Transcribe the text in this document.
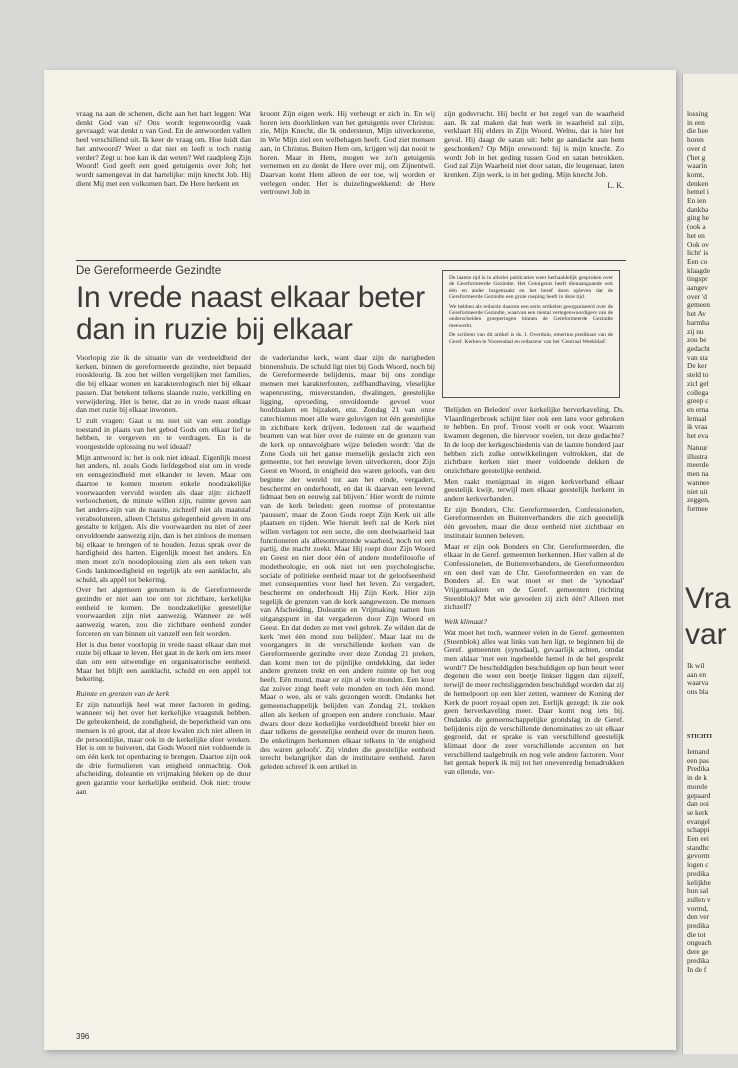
vraag na aan de schenen, dicht aan het hart leggen: Wat denkt God van u? Ons wordt tegenwoordig vaak gevraagd: wat denkt u van God. En de antwoorden vallen heel verschillend uit. Ik keer de vraag om. Hoe luidt dan het antwoord? Weet u dat niet en leeft u toch rustig verder? Zegt u: hoe kan ik dat weten? Wel raadpleeg Zijn Woord! God geeft een goed getuigenis over Job; het wordt samengevat in dat hartelijke: mijn knecht Job. Hij dient Mij met een volkomen hart. De Here herkent en
kroont Zijn eigen werk. Hij verheugt er zich in. En wij horen iets doorklinken van het getuigenis over Christus: zie, Mijn Knecht, die Ik ondersteun, Mijn uitverkorene, in Wie Mijn ziel een welbehagen heeft. God ziet mensen aan, in Christus. Buiten Hem om, krijgen wij dat nooit te horen. Maar in Hem, mogen we zo'n getuigenis vernemen en zo denkt de Here over mij, om Zijnentwil. Daarvan komt Hem alleen de eer toe, wij worden er verlegen onder. Het is duizelingwekkend: de Here vertrouwt Job in

zijn godsvrucht. Hij hecht er het zegel van de waarheid aan. Ik zal maken dat hun werk in waarheid zal zijn, verklaart Hij elders in Zijn Woord. Welnu, dat is hier het geval. Hij daagt de satan uit: hebt ge aandacht aan hem geschonken? Op Mijn erewoord: hij is mijn knecht. Zo wordt Job in het geding tussen God en satan betrokken. God zal Zijn Waarheid niet door satan, die leugenaar, laten krenken. Zijn werk, is in het geding. Mijn knecht Job.

L. K.

De Gereformeerde Gezindte
In vrede naast elkaar beter dan in ruzie bij elkaar

De laatste tijd is in allerlei publicaties weer herhaaldelijk gesproken over de Gereformeerde Gezindte. Het Getuigenis heeft dienaangaande ook één en ander losgemaakt en het besef doen opleven dat de Gereformeerde Gezindte een grote roeping heeft in deze tijd.

We hebben als redactie daarom een serie artikelen georganiseerd over de Gereformeerde Gezindte, waarvan een tiental vertegenwoordigers van de onderscheiden groeperingen binnen de Gereformeerde Gezindte meewerkt.

De scribent van dit artikel is ds. J. Overduin, emeritus predikant van de Geref. Kerken te Voorendaal en redacteur van het 'Centraal Weekblad'.

Voorlopig zie ik de situatie van de verdeeldheid der kerken, binnen de gereformeerde gezindte, niet bepaald rooskleurig. Ik zou het willen vergelijken met families, die bij elkaar wonen en karakterologisch niet bij elkaar passen. Dat betekent telkens slaande ruzie, verkilling en verwijdering. Het is beter, dat ze in vrede naast elkaar dan met ruzie bij elkaar inwonen.

U zult vragen: Gaat u nu niet uit van een zondige toestand in plaats van het gebod Gods om elkaar lief te hebben, te vergeven en te verdragen. En is de voorgestelde oplossing nu wel ideaal?

Mijn antwoord is: het is ook niet ideaal. Eigenlijk moest het anders, nl. zoals Gods liefdegebod eist om in vrede en eensgezindheid met elkander te leven. Maar om daartoe te komen moeten enkele noodzakelijke voorwaarden vervuld worden als daar zijn: zichzelf verloochenen, de minste willen zijn, ruimte geven aan het anders-zijn van de naaste, zichzelf niet als maatstaf verabsoluteren, alleen Christus gelegenheid geven in ons gestalte te krijgen. Als die voorwaarden nu niet of zeer onvoldoende aanwezig zijn, dan is het zinloos de mensen bij elkaar te brengen of te houden. Jezus sprak over de hardigheid des harten. Eigenlijk moest het anders. En men moet zo'n noodoplossing zien als een teken van Gods lankmoedigheid en tegelijk als een aanklacht, als schuld, als appèl tot bekering.

Over het algemeen genomen is de Gereformeerde gezindte er niet aan toe om tot zichtbare, kerkelijke eenheid te komen. De noodzakelijke geestelijke voorwaarden zijn niet aanwezig. Wanneer ze wèl aanwezig waren, zou die zichtbare eenheid zonder forceren en van binnen uit vanzelf een feit worden.

Het is dus beter voorlopig in vrede naast elkaar dan met ruzie bij elkaar te leven. Het gaat in de kerk om iets meer dan om een uitwendige en organisatorische eenheid. Maar het blijft een aanklacht, schuld en een appèl tot bekering.

Ruimte en grenzen van de kerk

Er zijn natuurlijk heel wat meer factoren in geding, wanneer wij het over het kerkelijke vraagstuk hebben. De gebrokenheid, de zondigheid, de beperktheid van ons mensen is zó groot, dat al deze kwalen zich niet alleen in de persoonlijke, maar ook in de kerkelijke sfeer wreken. Het is om te huiveren, dat Gods Woord niet voldoende is om één kerk tot openbaring te brengen. Daartoe zijn ook de drie formulieren van enigheid onmachtig. Ook afscheiding, doleantie en vrijmaking bleken op de duur geen garantie voor kerkelijke eenheid. Ook niet: trouw aan

de vaderlandse kerk, want daar zijn de narigheden binnenshuis. De schuld ligt niet bij Gods Woord, noch bij de Gereformeerde belijdenis, maar bij ons zondige mensen met karakterfouten, zelfhandhaving, vleselijke wapenrusting, misverstanden, dwalingen, geestelijke ligging, opvoeding, onvoldoende gevoel voor hoofdzaken en bijzaken, enz. Zondag 21 van onze catechismus moet alle ware gelovigen tot één geestelijke in zichtbare kerk drijven. Iedereen zal de waarheid beamen van wat hier over de ruimte en de grenzen van de kerk op onnavolgbare wijze beleden wordt: 'dat de Zone Gods uit het ganse menselijk geslacht zich een gemeente, tot het eeuwige leven uitverkoren, door Zijn Geest en Woord, in enigheid des waren geloofs, van den beginne der wereld tot aan het einde, vergadert, beschermt en onderhoudt, en dat ik daarvan een levend lidmaat ben en eeuwig zal blijven.' Hier wordt de ruimte van de kerk beleden: geen roomse of protestantse 'paussen', maar de Zoon Gods roept Zijn Kerk uit alle plaatsen en tijden. Wie hieruit leeft zal de Kerk niet willen verlagen tot een secte, die een deelwaarheid laat functioneren als allesomvattende waarheid, noch tot een partij, die macht zoekt. Maar Hij roept door Zijn Woord en Geest en niet door één of andere modefilosofie of modetheologie, en ook niet tot een psychologische, sociale of politieke eenheid maar tot de geloofseenheid met consequenties voor heel het leven. Zo vergadert, beschermt en onderhoudt Hij Zijn Kerk. Hier zijn tegelijk de grenzen van de kerk aangewezen. De mensen van Afscheiding, Doleantie en Vrijmaking namen hun uitgangspunt in dat vergaderen door Zijn Woord en Geest. En dat deden ze met veel gebrek. Ze wilden dat de kerk 'met één mond zou belijden'. Maar laat nu de voorgangers in de verschillende kerken van de Gereformeerde gezindte over deze Zondag 21 preken, dan komt men tot de pijnlijke ontdekking, dat ieder andere grenzen trekt en een andere ruimte op het oog heeft. Eén mond, maar er zijn al vele monden. Een koor dat zuiver zingt heeft vele monden en toch één mond. Maar o wee, als er vals gezongen wordt. Ondanks het gemeenschappelijk belijden van Zondag 21, trekken allen als kerken of groepen een andere conclusie. Maar dwars door deze kerkelijke verdeeldheid breekt hier en daar telkens de geestelijke eenheid over de muren heen. De enkelingen herkennen elkaar telkens in 'de enigheid des waren geloofs'. Zij vinden die geestelijke eenheid terecht belangrijker dan de institutaire eenheid. Jaren geleden schreef ik een artikel in

'Belijden en Beleden' over kerkelijke herverkaveling. Ds. Vlaardingerbroek schijnt hier ook een lans voor gebroken te hebben. En prof. Troost voelt er ook voor. Waarom kwamen degenen, die hiervoor voelen, tot deze gedachte? In de loop der kerkgeschiedenis van de laatste honderd jaar hebben zich zulke ontwikkelingen voltrokken, dat de zichtbare kerken niet meer voldoende dekken de onzichtbare geestelijke eenheid.

Men raakt menigmaal in eigen kerkverband elkaar geestelijk kwijt, terwijl men elkaar geestelijk herkent in andere kerkverbanden.

Er zijn Bonders, Chr. Gereformeerden, Confessionelen, Gereformeerden en Buitenverbanders die zich geestelijk één gevoelen, maar die deze eenheid niet zichtbaar en institutair kunnen beleven.

Maar er zijn ook Bonders en Chr. Gereformeerden, die elkaar in de Geref. gemeenten herkennen. Hier vallen al de Confessionelen, de Buitenverbanders, de Gereformeerden en een deel van de Chr. Gereformeerden en van de Bonders af. En wat moet er met de 'synodaal' Vrijgemaakten en de Geref. gemeenten (richting Steenblok)? Met wie gevoelen zij zich één? Alleen met zichzelf?

Welk klimaat?

Wat moet het toch, wanneer velen in de Geref. gemeenten (Steenblok) alles wat links van hen ligt, te beginnen bij de Geref. gemeenten (synodaal), gevaarlijk achten, omdat men aldaar 'met een ingebeelde hemel in de hel gesprekt wordt'? De beschuldigden beschuldigen op hun beurt weer degenen die weer een beetje linkser liggen dan zijzelf, terwijl de meer rechtsliggenden beschuldigd worden dat zij de hemelpoort op een kier zetten, wanneer de Koning der Kerk de poort royaal open zet. Eerlijk gezegd: ik zie ook geen herverkaveling meer. Daar komt nog iets bij. Ondanks de gemeenschappelijke grondslag in de Geref. belijdenis zijn de verschillende denominaties zo uit elkaar gegroeid, dat er sprake is van verschillend geestelijk klimaat door de zeer verschillende accenten en het verschillend taalgebruik en nog vele andere factoren. Voor het gemak beperk ik mij tot het onevenredig benadrukken van ellende, ver-

396
lossing
in een
die hee
horen
over d
('het g
waarin
komt,
denken
hemel i
En ien
dankba
ging he
(ook a
het en
Ook ov
licht' is
Een co
klaagde
tingspr
aangev
over 'd
gemeen
het Av
barmha
zij nu
zou be
gedacht
van sta
De ker
steld to
zicl gel
collega
greep c
en erna
lemaal
ik vraa
het eva
Natuur
illustra
meerde
men na
wannee
niet uit
zeggen,
formee
Vra
var
Ik wil
aan en
waarva
ons bla
STICHTI
Iemand
een pas
Predika
in de k
morele
gepaard
dan ooi
se kerk
evangel
schappi
Een eei
standhc
gevorm
logen c
predika
kelijkhe
hun sal
zullen v
vormd,
den ver
predika
die tot
ongeach
dere ge
predika
In de f
